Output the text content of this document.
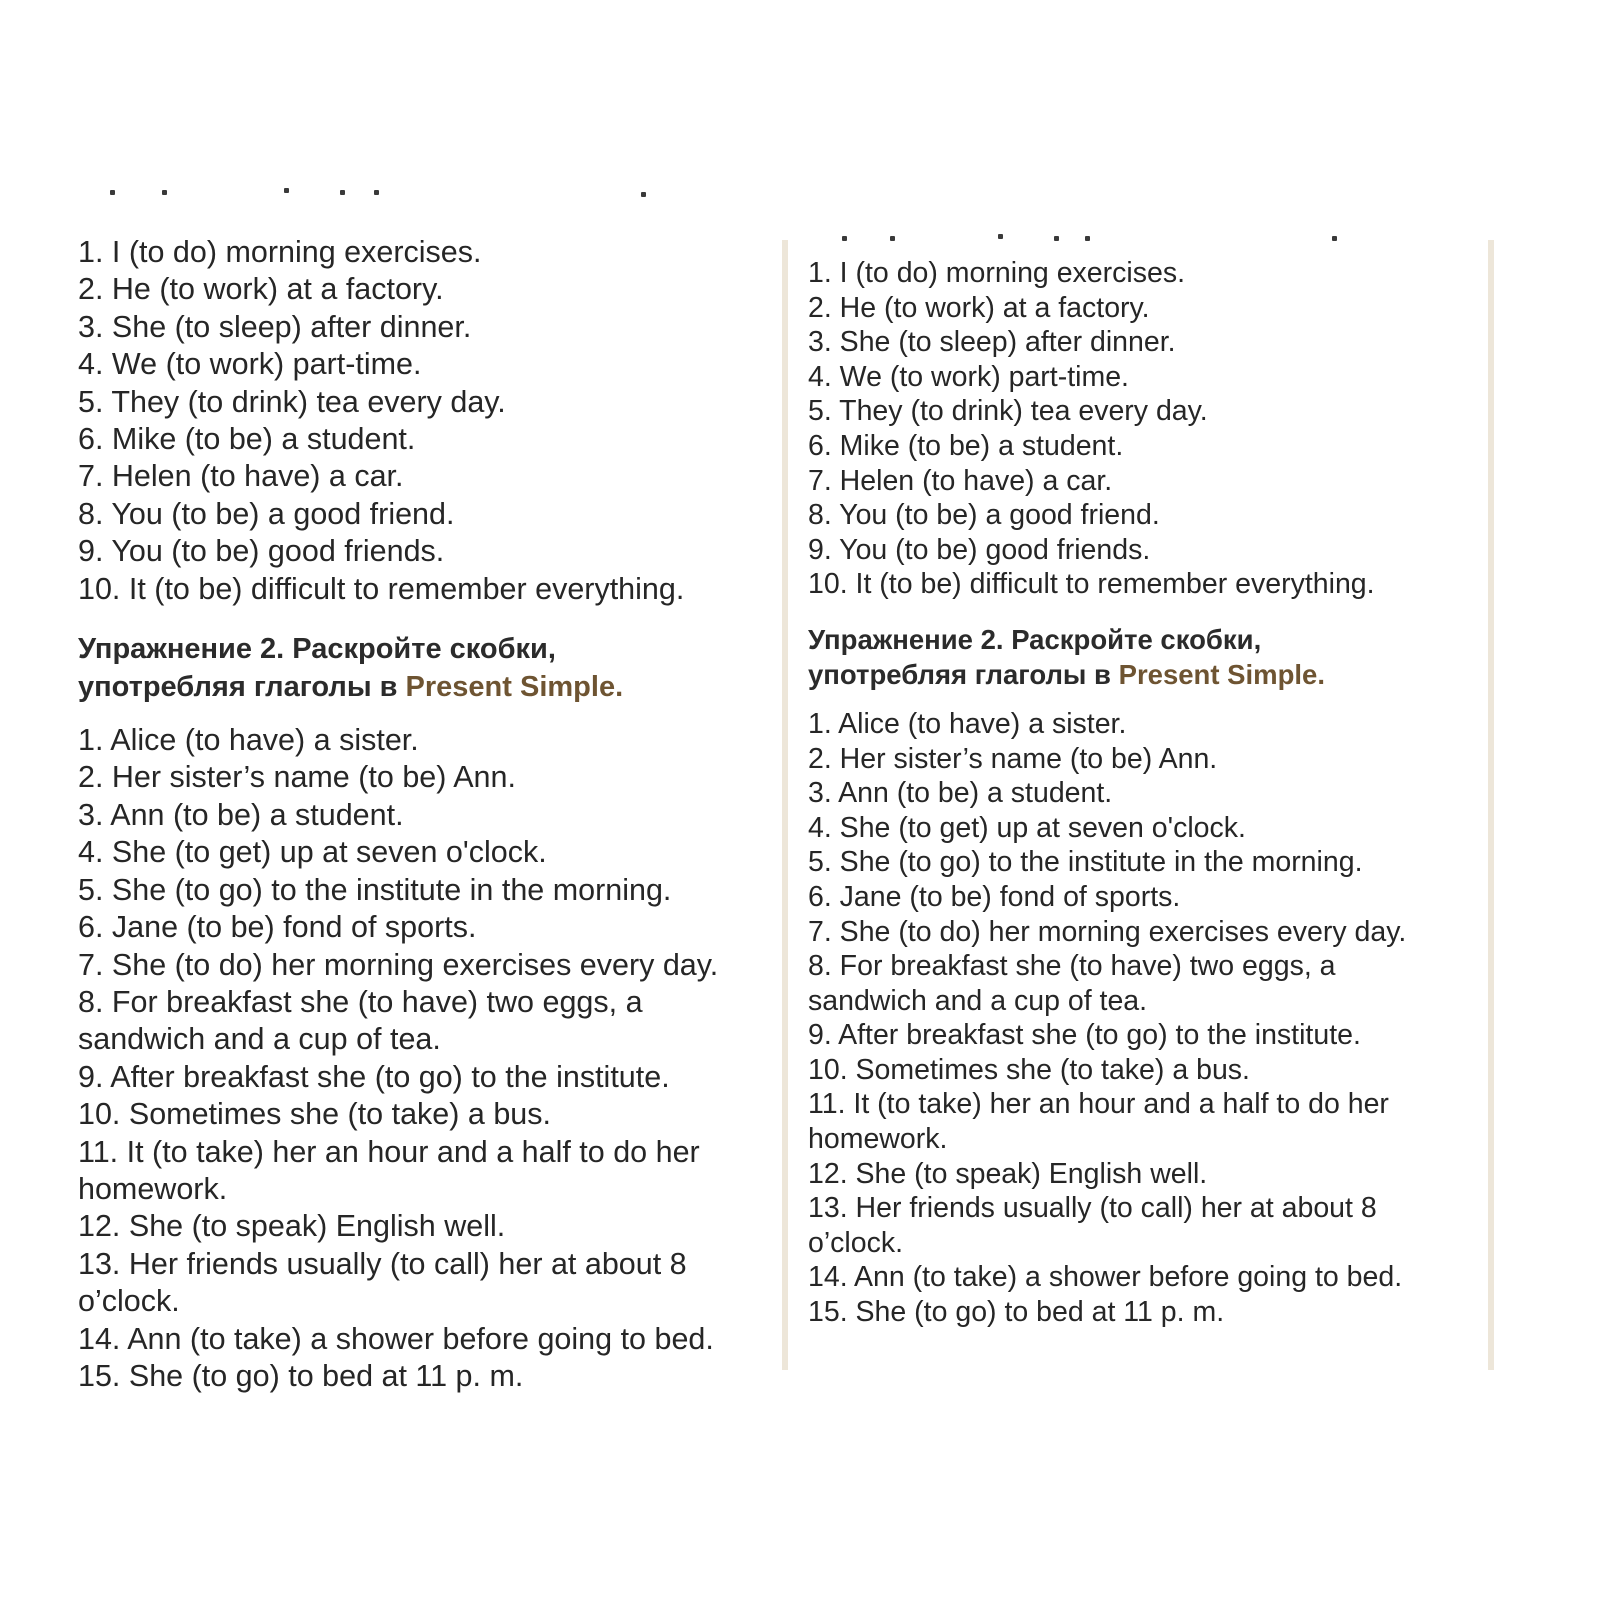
1. I (to do) morning exercises.
2. He (to work) at a factory.
3. She (to sleep) after dinner.
4. We (to work) part-time.
5. They (to drink) tea every day.
6. Mike (to be) a student.
7. Helen (to have) a car.
8. You (to be) a good friend.
9. You (to be) good friends.
10. It (to be) difficult to remember everything.
Упражнение 2. Раскройте скобки,
употребляя глаголы в Present Simple.
1. Alice (to have) a sister.
2. Her sister’s name (to be) Ann.
3. Ann (to be) a student.
4. She (to get) up at seven o'clock.
5. She (to go) to the institute in the morning.
6. Jane (to be) fond of sports.
7. She (to do) her morning exercises every day.
8. For breakfast she (to have) two eggs, a
sandwich and a cup of tea.
9. After breakfast she (to go) to the institute.
10. Sometimes she (to take) a bus.
11. It (to take) her an hour and a half to do her
homework.
12. She (to speak) English well.
13. Her friends usually (to call) her at about 8
o’clock.
14. Ann (to take) a shower before going to bed.
15. She (to go) to bed at 11 p. m.
1. I (to do) morning exercises.
2. He (to work) at a factory.
3. She (to sleep) after dinner.
4. We (to work) part-time.
5. They (to drink) tea every day.
6. Mike (to be) a student.
7. Helen (to have) a car.
8. You (to be) a good friend.
9. You (to be) good friends.
10. It (to be) difficult to remember everything.
Упражнение 2. Раскройте скобки,
употребляя глаголы в Present Simple.
1. Alice (to have) a sister.
2. Her sister’s name (to be) Ann.
3. Ann (to be) a student.
4. She (to get) up at seven o'clock.
5. She (to go) to the institute in the morning.
6. Jane (to be) fond of sports.
7. She (to do) her morning exercises every day.
8. For breakfast she (to have) two eggs, a
sandwich and a cup of tea.
9. After breakfast she (to go) to the institute.
10. Sometimes she (to take) a bus.
11. It (to take) her an hour and a half to do her
homework.
12. She (to speak) English well.
13. Her friends usually (to call) her at about 8
o’clock.
14. Ann (to take) a shower before going to bed.
15. She (to go) to bed at 11 p. m.
